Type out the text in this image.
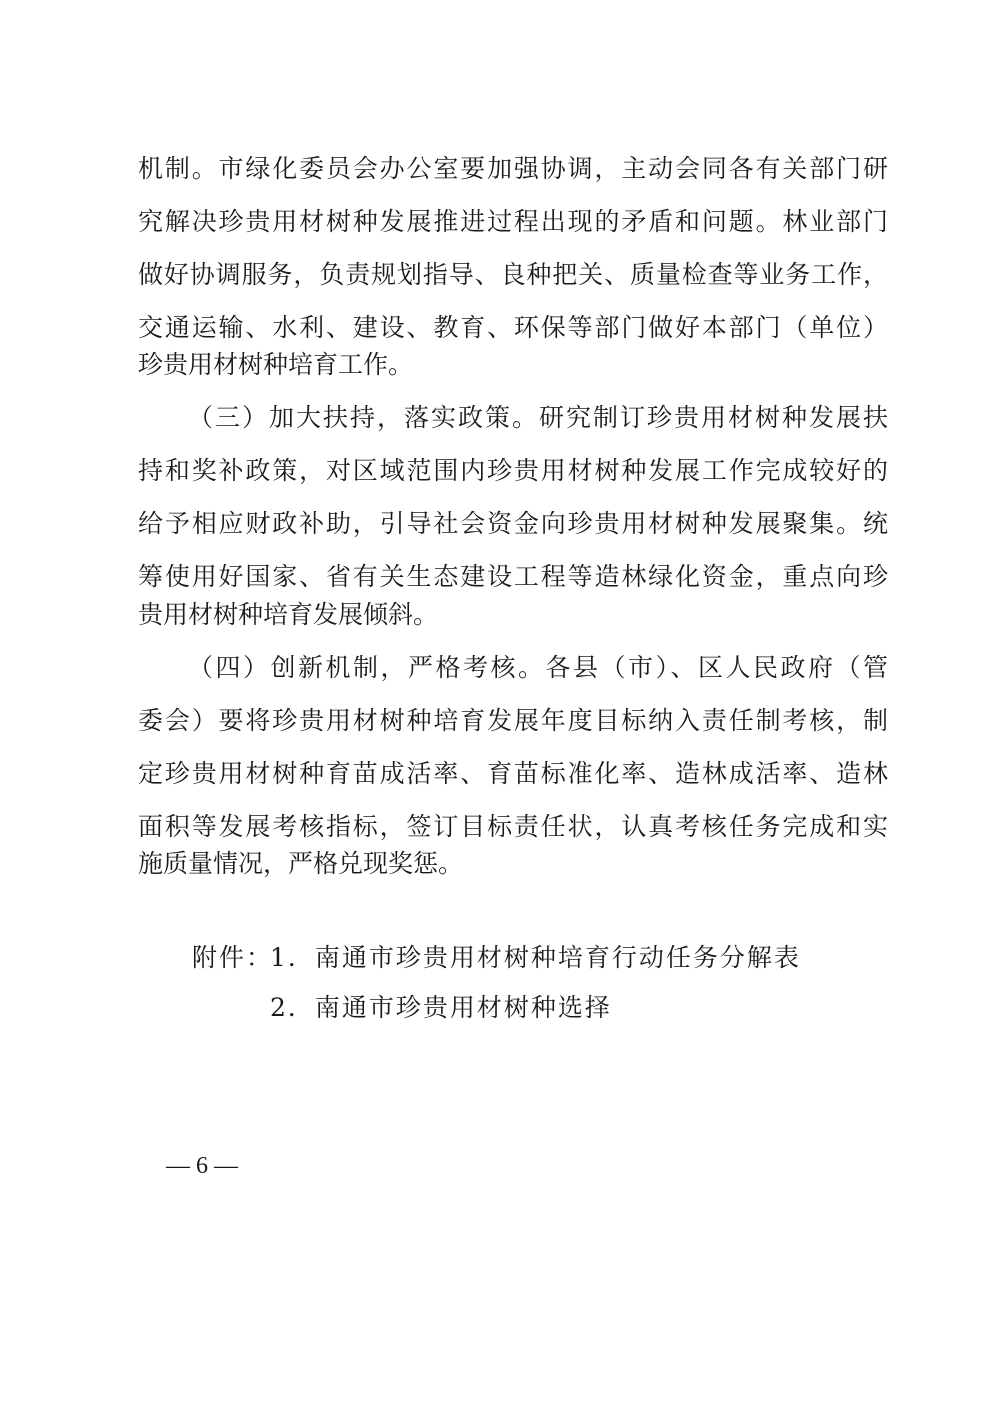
机制。市绿化委员会办公室要加强协调，主动会同各有关部门研
究解决珍贵用材树种发展推进过程出现的矛盾和问题。林业部门
做好协调服务，负责规划指导、良种把关、质量检查等业务工作，
交通运输、水利、建设、教育、环保等部门做好本部门（单位）
珍贵用材树种培育工作。
（三）加大扶持，落实政策。研究制订珍贵用材树种发展扶
持和奖补政策，对区域范围内珍贵用材树种发展工作完成较好的
给予相应财政补助，引导社会资金向珍贵用材树种发展聚集。统
筹使用好国家、省有关生态建设工程等造林绿化资金，重点向珍
贵用材树种培育发展倾斜。
（四）创新机制，严格考核。各县（市）、区人民政府（管
委会）要将珍贵用材树种培育发展年度目标纳入责任制考核，制
定珍贵用材树种育苗成活率、育苗标准化率、造林成活率、造林
面积等发展考核指标，签订目标责任状，认真考核任务完成和实
施质量情况，严格兑现奖惩。
附件：
1．南通市珍贵用材树种培育行动任务分解表
2．南通市珍贵用材树种选择
— 6 —
